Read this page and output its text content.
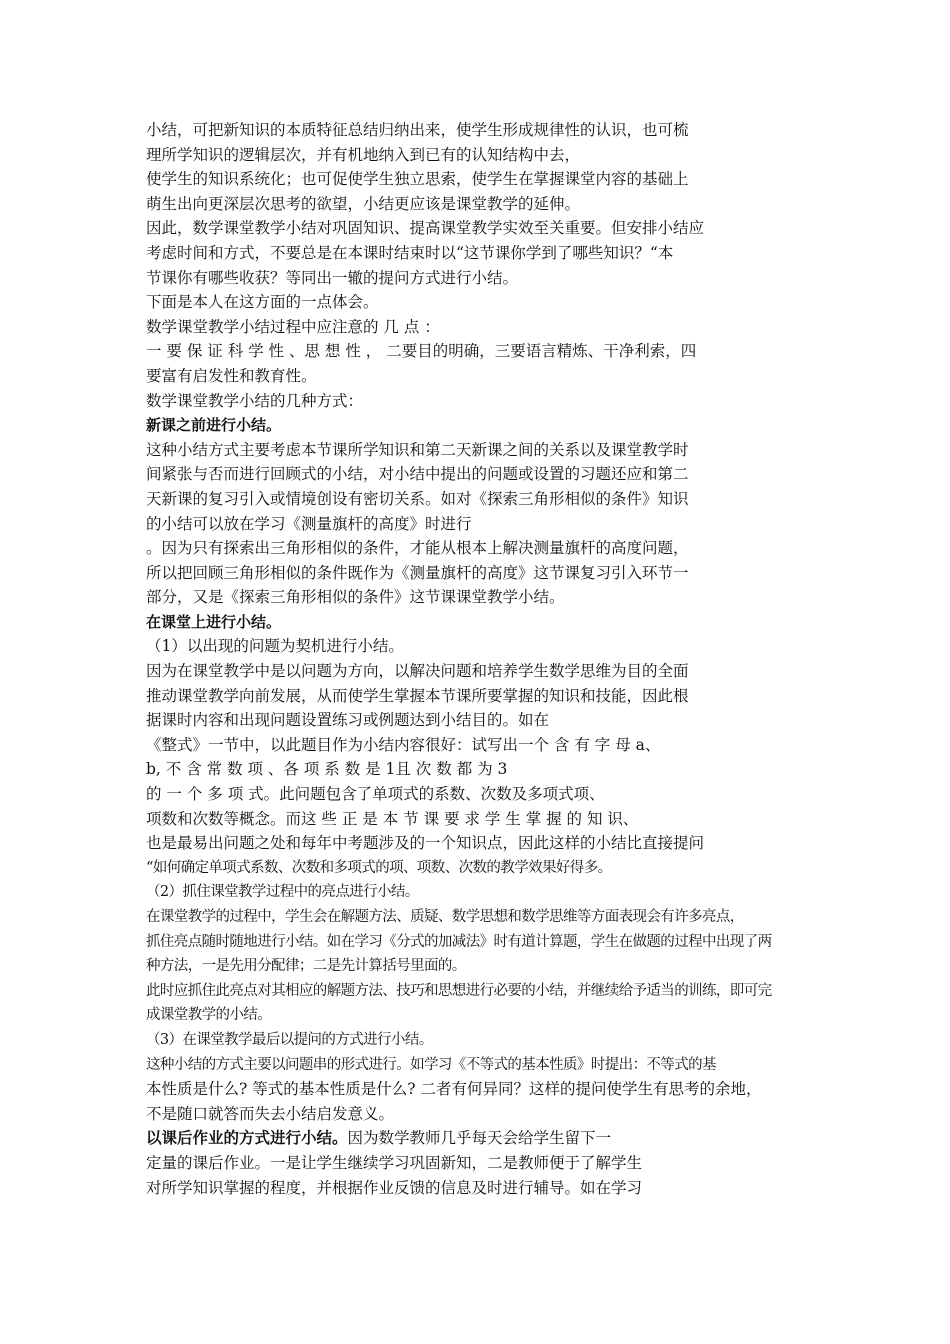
小结，可把新知识的本质特征总结归纳出来，使学生形成规律性的认识，也可梳
理所学知识的逻辑层次，并有机地纳入到已有的认知结构中去，
使学生的知识系统化；也可促使学生独立思索，使学生在掌握课堂内容的基础上
萌生出向更深层次思考的欲望，小结更应该是课堂教学的延伸。
因此，数学课堂教学小结对巩固知识、提高课堂教学实效至关重要。但安排小结应
考虑时间和方式，不要总是在本课时结束时以“这节课你学到了哪些知识？“本
节课你有哪些收获？等同出一辙的提问方式进行小结。
下面是本人在这方面的一点体会。
数学课堂教学小结过程中应注意的 几 点 ：
一 要 保 证 科 学 性 、思 想 性 ， 二要目的明确，三要语言精炼、干净利索，四
要富有启发性和教育性。
数学课堂教学小结的几种方式：
新课之前进行小结。
这种小结方式主要考虑本节课所学知识和第二天新课之间的关系以及课堂教学时
间紧张与否而进行回顾式的小结，对小结中提出的问题或设置的习题还应和第二
天新课的复习引入或情境创设有密切关系。如对《探索三角形相似的条件》知识
的小结可以放在学习《测量旗杆的高度》时进行
。因为只有探索出三角形相似的条件，才能从根本上解决测量旗杆的高度问题，
所以把回顾三角形相似的条件既作为《测量旗杆的高度》这节课复习引入环节一
部分，又是《探索三角形相似的条件》这节课课堂教学小结。
在课堂上进行小结。
（1）以出现的问题为契机进行小结。
因为在课堂教学中是以问题为方向，以解决问题和培养学生数学思维为目的全面
推动课堂教学向前发展，从而使学生掌握本节课所要掌握的知识和技能，因此根
据课时内容和出现问题设置练习或例题达到小结目的。如在
《整式》一节中，以此题目作为小结内容很好：试写出一个 含 有 字 母 a、
b, 不 含 常 数 项 、各 项 系 数 是 1且 次 数 都 为 3
的 一 个 多 项 式。此问题包含了单项式的系数、次数及多项式项、
项数和次数等概念。而这 些 正 是 本 节 课 要 求 学 生 掌 握 的 知 识、
也是最易出问题之处和每年中考题涉及的一个知识点，因此这样的小结比直接提问
“如何确定单项式系数、次数和多项式的项、项数、次数的教学效果好得多。
（2）抓住课堂教学过程中的亮点进行小结。
在课堂教学的过程中，学生会在解题方法、质疑、数学思想和数学思维等方面表现会有许多亮点，
抓住亮点随时随地进行小结。如在学习《分式的加减法》时有道计算题，学生在做题的过程中出现了两
种方法，一是先用分配律；二是先计算括号里面的。
此时应抓住此亮点对其相应的解题方法、技巧和思想进行必要的小结，并继续给予适当的训练，即可完
成课堂教学的小结。
（3）在课堂教学最后以提问的方式进行小结。
这种小结的方式主要以问题串的形式进行。如学习《不等式的基本性质》时提出：不等式的基
本性质是什么? 等式的基本性质是什么? 二者有何异同？这样的提问使学生有思考的余地，
不是随口就答而失去小结启发意义。
以课后作业的方式进行小结。因为数学教师几乎每天会给学生留下一
定量的课后作业。一是让学生继续学习巩固新知，二是教师便于了解学生
对所学知识掌握的程度，并根据作业反馈的信息及时进行辅导。如在学习
